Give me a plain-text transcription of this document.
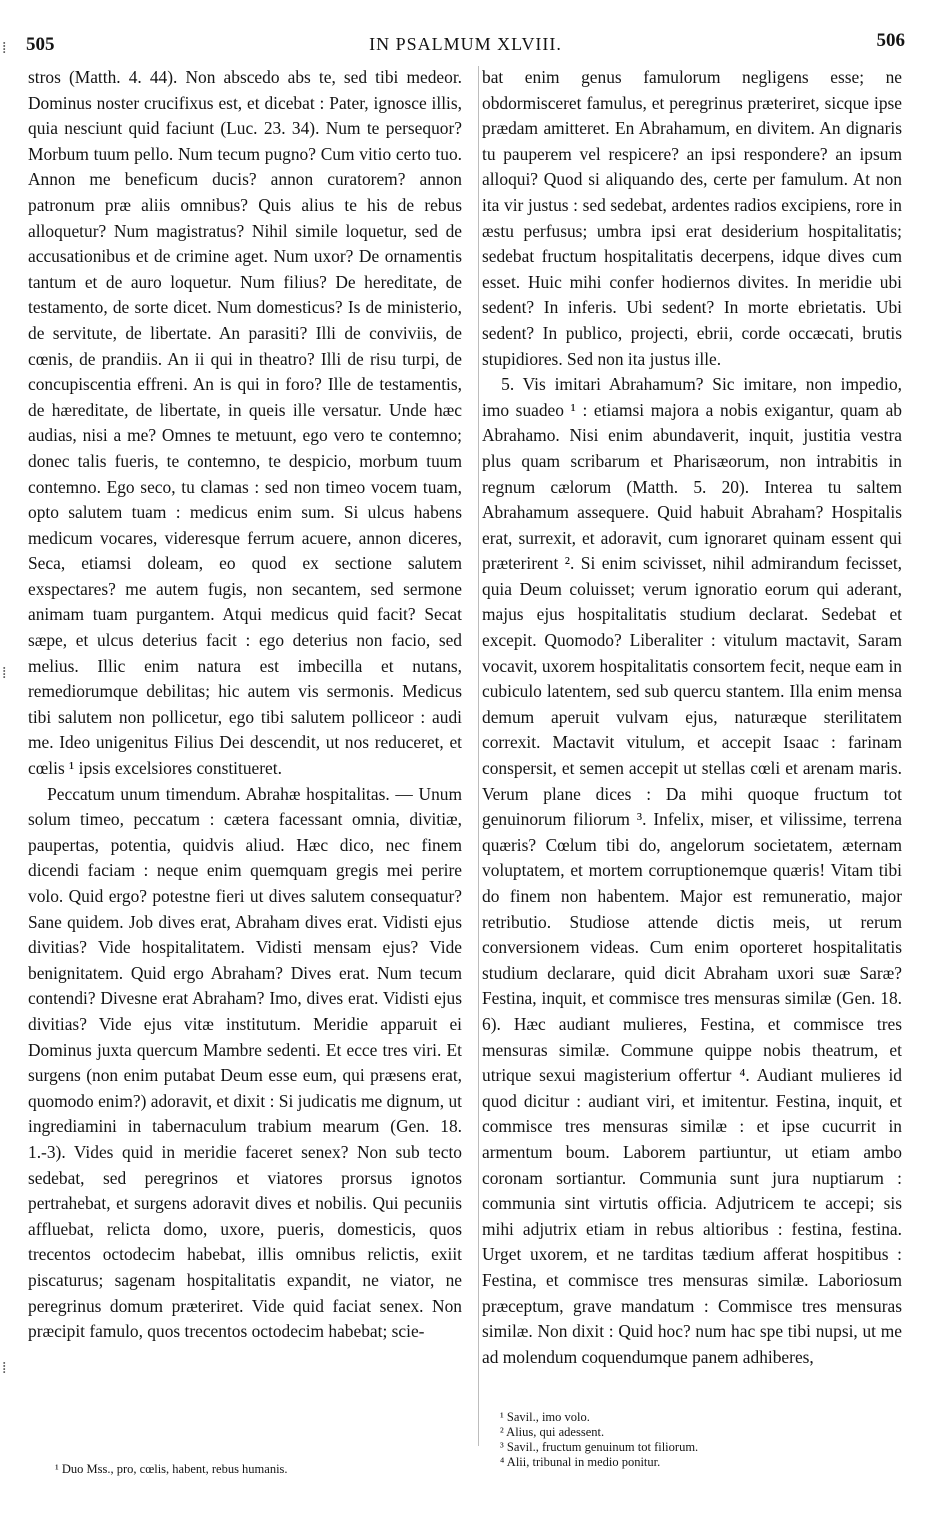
505	IN PSALMUM XLVIII.	506
⁞
⁞
⁞

stros (Matth. 4. 44). Non abscedo abs te, sed tibi medeor. Dominus noster crucifixus est, et dicebat : Pater, ignosce illis, quia nesciunt quid faciunt (Luc. 23. 34). Num te persequor? Morbum tuum pello. Num tecum pugno? Cum vitio certo tuo. Annon me beneficum ducis? annon curatorem? annon patronum præ aliis omnibus? Quis alius te his de rebus alloquetur? Num magistratus? Nihil simile loquetur, sed de accusationibus et de crimine aget. Num uxor? De ornamentis tantum et de auro loquetur. Num filius? De hereditate, de testamento, de sorte dicet. Num domesticus? Is de ministerio, de servitute, de libertate. An parasiti? Illi de conviviis, de cœnis, de prandiis. An ii qui in theatro? Illi de risu turpi, de concupiscentia effreni. An is qui in foro? Ille de testamentis, de hæreditate, de libertate, in queis ille versatur. Unde hæc audias, nisi a me? Omnes te metuunt, ego vero te contemno; donec talis fueris, te contemno, te despicio, morbum tuum contemno. Ego seco, tu clamas : sed non timeo vocem tuam, opto salutem tuam : medicus enim sum. Si ulcus habens medicum vocares, videresque ferrum acuere, annon diceres, Seca, etiamsi doleam, eo quod ex sectione salutem exspectares? me autem fugis, non secantem, sed sermone animam tuam purgantem. Atqui medicus quid facit? Secat sæpe, et ulcus deterius facit : ego deterius non facio, sed melius. Illic enim natura est imbecilla et nutans, remediorumque debilitas; hic autem vis sermonis. Medicus tibi salutem non pollicetur, ego tibi salutem polliceor : audi me. Ideo unigenitus Filius Dei descendit, ut nos reduceret, et cœlis ¹ ipsis excelsiores constitueret.

Peccatum unum timendum. Abrahæ hospitalitas. — Unum solum timeo, peccatum : cætera facessant omnia, divitiæ, paupertas, potentia, quidvis aliud. Hæc dico, nec finem dicendi faciam : neque enim quemquam gregis mei perire volo. Quid ergo? potestne fieri ut dives salutem consequatur? Sane quidem. Job dives erat, Abraham dives erat. Vidisti ejus divitias? Vide hospitalitatem. Vidisti mensam ejus? Vide benignitatem. Quid ergo Abraham? Dives erat. Num tecum contendi? Divesne erat Abraham? Imo, dives erat. Vidisti ejus divitias? Vide ejus vitæ institutum. Meridie apparuit ei Dominus juxta quercum Mambre sedenti. Et ecce tres viri. Et surgens (non enim putabat Deum esse eum, qui præsens erat, quomodo enim?) adoravit, et dixit : Si judicatis me dignum, ut ingrediamini in tabernaculum trabium mearum (Gen. 18. 1.-3). Vides quid in meridie faceret senex? Non sub tecto sedebat, sed peregrinos et viatores prorsus ignotos pertrahebat, et surgens adoravit dives et nobilis. Qui pecuniis affluebat, relicta domo, uxore, pueris, domesticis, quos trecentos octodecim habebat, illis omnibus relictis, exiit piscaturus; sagenam hospitalitatis expandit, ne viator, ne peregrinus domum præteriret. Vide quid faciat senex. Non præcipit famulo, quos trecentos octodecim habebat; scie-

bat enim genus famulorum negligens esse; ne obdormisceret famulus, et peregrinus præteriret, sicque ipse prædam amitteret. En Abrahamum, en divitem. An dignaris tu pauperem vel respicere? an ipsi respondere? an ipsum alloqui? Quod si aliquando des, certe per famulum. At non ita vir justus : sed sedebat, ardentes radios excipiens, rore in æstu perfusus; umbra ipsi erat desiderium hospitalitatis; sedebat fructum hospitalitatis decerpens, idque dives cum esset. Huic mihi confer hodiernos divites. In meridie ubi sedent? In inferis. Ubi sedent? In morte ebrietatis. Ubi sedent? In publico, projecti, ebrii, corde occæcati, brutis stupidiores. Sed non ita justus ille.

5. Vis imitari Abrahamum? Sic imitare, non impedio, imo suadeo ¹ : etiamsi majora a nobis exigantur, quam ab Abrahamo. Nisi enim abundaverit, inquit, justitia vestra plus quam scribarum et Pharisæorum, non intrabitis in regnum cælorum (Matth. 5. 20). Interea tu saltem Abrahamum assequere. Quid habuit Abraham? Hospitalis erat, surrexit, et adoravit, cum ignoraret quinam essent qui præterirent ². Si enim scivisset, nihil admirandum fecisset, quia Deum coluisset; verum ignoratio eorum qui aderant, majus ejus hospitalitatis studium declarat. Sedebat et excepit. Quomodo? Liberaliter : vitulum mactavit, Saram vocavit, uxorem hospitalitatis consortem fecit, neque eam in cubiculo latentem, sed sub quercu stantem. Illa enim mensa demum aperuit vulvam ejus, naturæque sterilitatem correxit. Mactavit vitulum, et accepit Isaac : farinam conspersit, et semen accepit ut stellas cœli et arenam maris. Verum plane dices : Da mihi quoque fructum tot genuinorum filiorum ³. Infelix, miser, et vilissime, terrena quæris? Cœlum tibi do, angelorum societatem, æternam voluptatem, et mortem corruptionemque quæris! Vitam tibi do finem non habentem. Major est remuneratio, major retributio. Studiose attende dictis meis, ut rerum conversionem videas. Cum enim oporteret hospitalitatis studium declarare, quid dicit Abraham uxori suæ Saræ? Festina, inquit, et commisce tres mensuras similæ (Gen. 18. 6). Hæc audiant mulieres, Festina, et commisce tres mensuras similæ. Commune quippe nobis theatrum, et utrique sexui magisterium offertur ⁴. Audiant mulieres id quod dicitur : audiant viri, et imitentur. Festina, inquit, et commisce tres mensuras similæ : et ipse cucurrit in armentum boum. Laborem partiuntur, ut etiam ambo coronam sortiantur. Communia sunt jura nuptiarum : communia sint virtutis officia. Adjutricem te accepi; sis mihi adjutrix etiam in rebus altioribus : festina, festina. Urget uxorem, et ne tarditas tædium afferat hospitibus : Festina, et commisce tres mensuras similæ. Laboriosum præceptum, grave mandatum : Commisce tres mensuras similæ. Non dixit : Quid hoc? num hac spe tibi nupsi, ut me ad molendum coquendumque panem adhiberes,

¹ Duo Mss., pro, cœlis, habent, rebus humanis.
¹ Savil., imo volo.
² Alius, qui adessent.
³ Savil., fructum genuinum tot filiorum.
⁴ Alii, tribunal in medio ponitur.
